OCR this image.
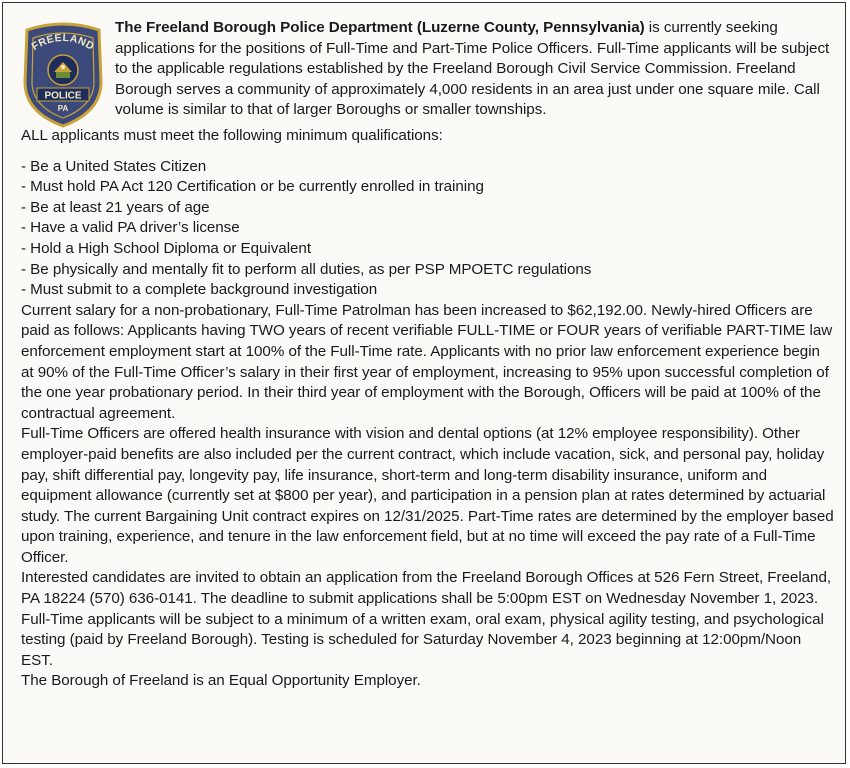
FREELAND
POLICE
PA

The Freeland Borough Police Department (Luzerne County, Pennsylvania) is currently seeking applications for the positions of Full-Time and Part-Time Police Officers. Full-Time applicants will be subject to the applicable regulations established by the Freeland Borough Civil Service Commission. Freeland Borough serves a community of approximately 4,000 residents in an area just under one square mile. Call volume is similar to that of larger Boroughs or smaller townships.

ALL applicants must meet the following minimum qualifications:

- Be a United States Citizen
- Must hold PA Act 120 Certification or be currently enrolled in training
- Be at least 21 years of age
- Have a valid PA driver’s license
- Hold a High School Diploma or Equivalent
- Be physically and mentally fit to perform all duties, as per PSP MPOETC regulations
- Must submit to a complete background investigation

Current salary for a non-probationary, Full-Time Patrolman has been increased to $62,192.00. Newly-hired Officers are paid as follows: Applicants having TWO years of recent verifiable FULL-TIME or FOUR years of verifiable PART-TIME law enforcement employment start at 100% of the Full-Time rate. Applicants with no prior law enforcement experience begin at 90% of the Full-Time Officer’s salary in their first year of employment, increasing to 95% upon successful completion of the one year probationary period. In their third year of employment with the Borough, Officers will be paid at 100% of the contractual agreement.

Full-Time Officers are offered health insurance with vision and dental options (at 12% employee responsibility). Other employer-paid benefits are also included per the current contract, which include vacation, sick, and personal pay, holiday pay, shift differential pay, longevity pay, life insurance, short-term and long-term disability insurance, uniform and equipment allowance (currently set at $800 per year), and participation in a pension plan at rates determined by actuarial study. The current Bargaining Unit contract expires on 12/31/2025. Part-Time rates are determined by the employer based upon training, experience, and tenure in the law enforcement field, but at no time will exceed the pay rate of a Full-Time Officer.

Interested candidates are invited to obtain an application from the Freeland Borough Offices at 526 Fern Street, Freeland, PA 18224 (570) 636-0141. The deadline to submit applications shall be 5:00pm EST on Wednesday November 1, 2023.

Full-Time applicants will be subject to a minimum of a written exam, oral exam, physical agility testing, and psychological testing (paid by Freeland Borough). Testing is scheduled for Saturday November 4, 2023 beginning at 12:00pm/Noon EST.

The Borough of Freeland is an Equal Opportunity Employer.
